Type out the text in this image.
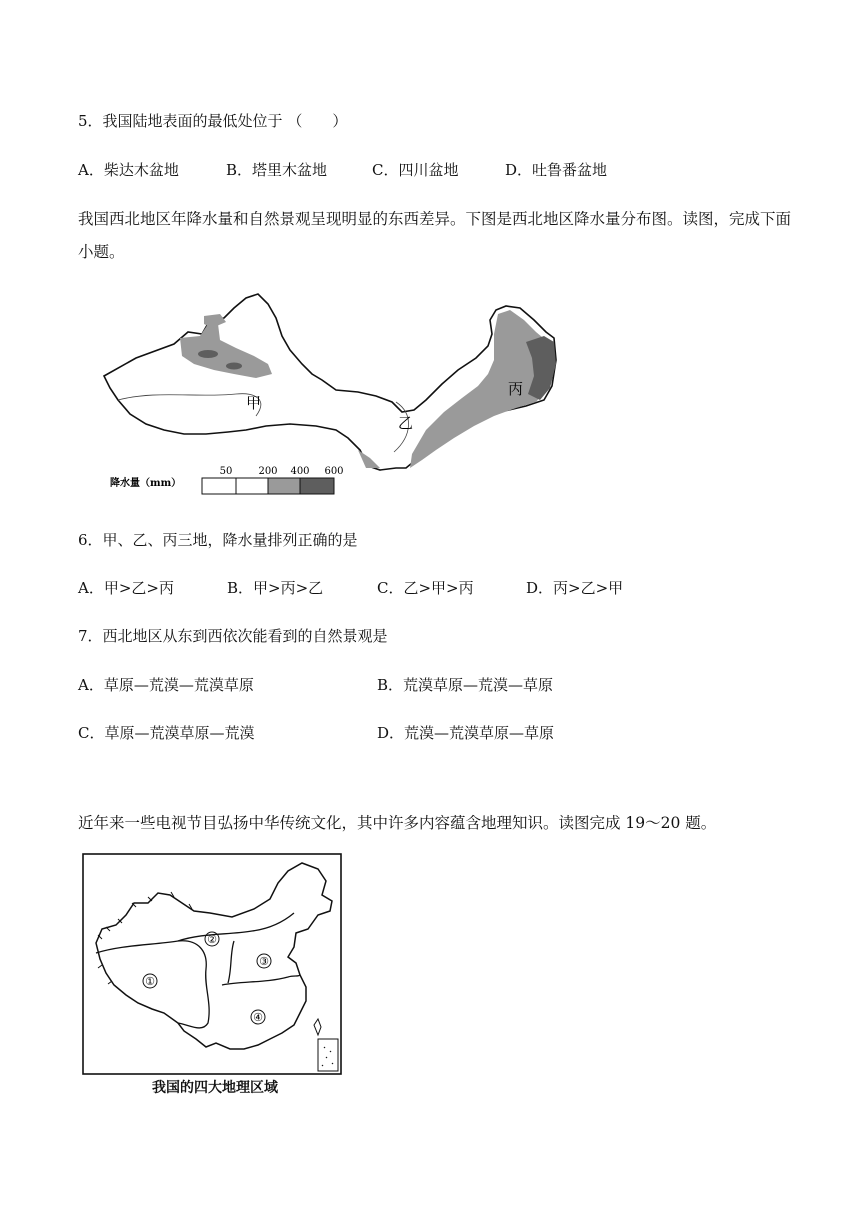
5．我国陆地表面的最低处位于 （　　）
A．柴达木盆地	B．塔里木盆地	C．四川盆地	D．吐鲁番盆地
我国西北地区年降水量和自然景观呈现明显的东西差异。下图是西北地区降水量分布图。读图，完成下面小题。
甲
乙
丙
降水量（mm）
50	200 400 600
6．甲、乙、丙三地，降水量排列正确的是
A．甲>乙>丙	B．甲>丙>乙	C．乙>甲>丙	D．丙>乙>甲
7．西北地区从东到西依次能看到的自然景观是
A．草原—荒漠—荒漠草原	B．荒漠草原—荒漠—草原
C．草原—荒漠草原—荒漠	D．荒漠—荒漠草原—草原
近年来一些电视节目弘扬中华传统文化，其中许多内容蕴含地理知识。读图完成 19～20 题。
①
②
③
④
我国的四大地理区域
